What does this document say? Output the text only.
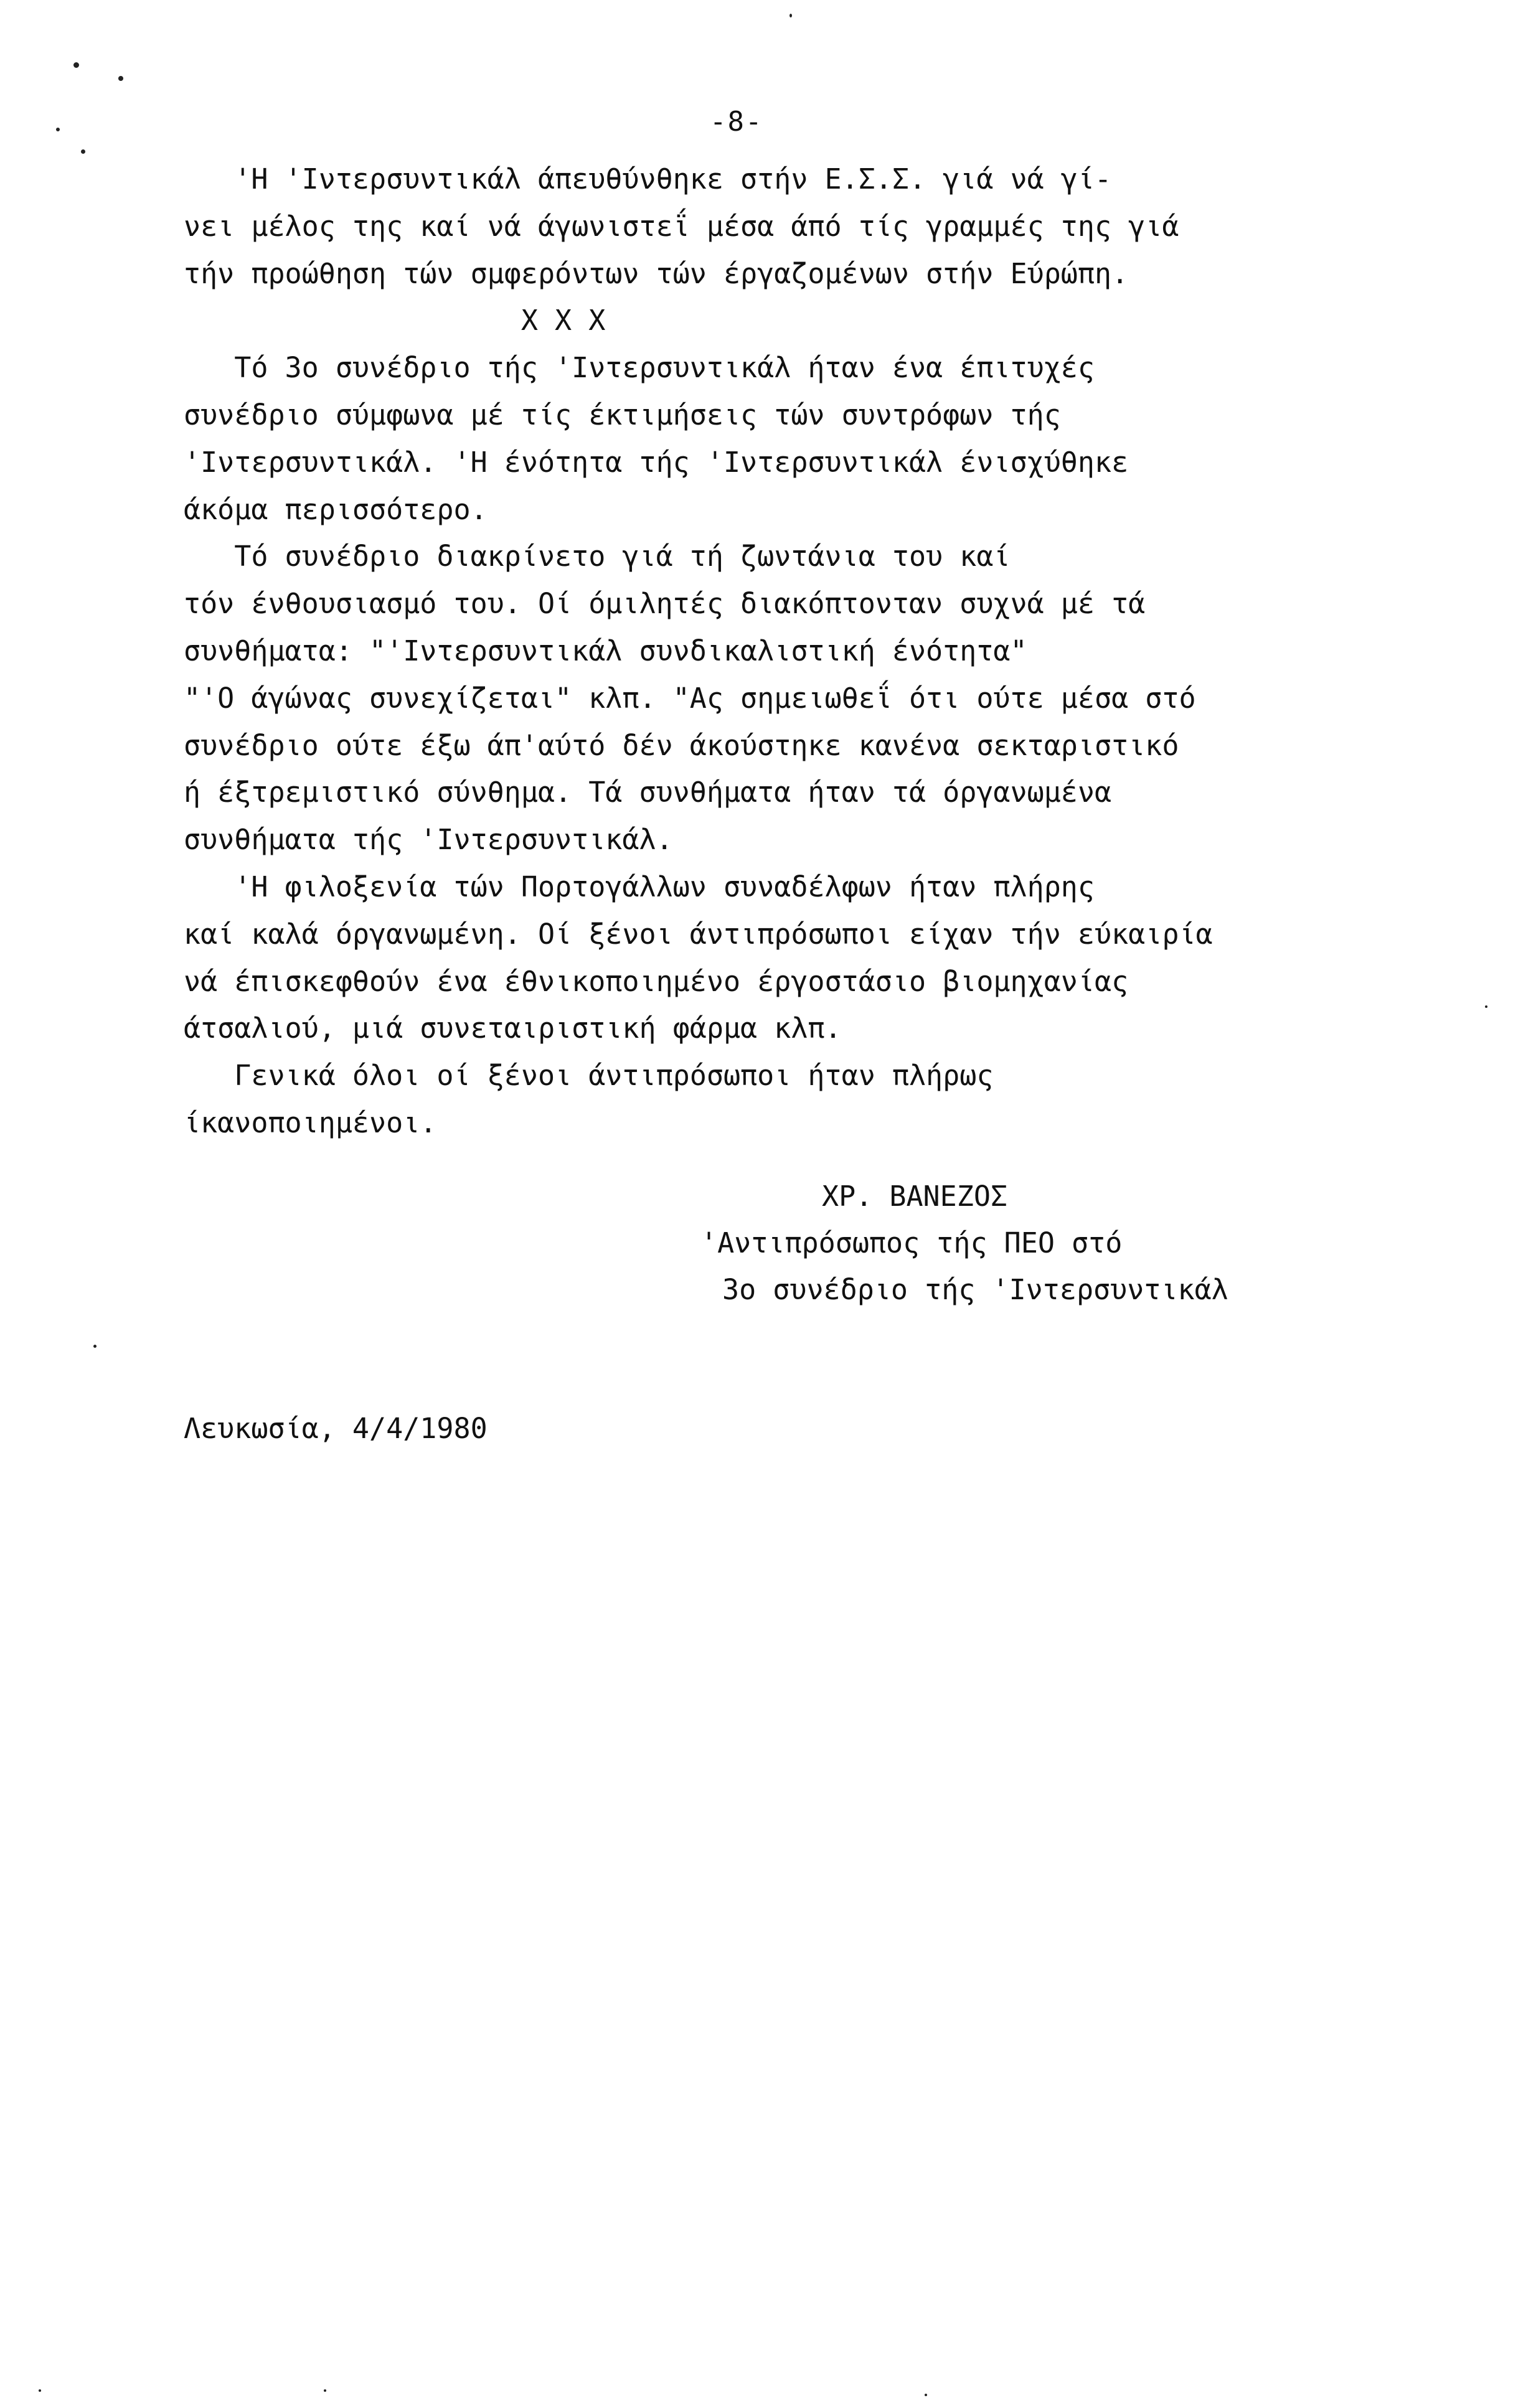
-8-
'Η 'Ιντερσυντικάλ άπευθύνθηκε στήν Ε.Σ.Σ. γιά νά γί-
νει μέλος της καί νά άγωνιστεΐ μέσα άπό τίς γραμμές της γιά
τήν προώθηση τών σμφερόντων τών έργαζομένων στήν Εύρώπη.
Χ Χ Χ
Τό 3ο συνέδριο τής 'Ιντερσυντικάλ ήταν ένα έπιτυχές
συνέδριο σύμφωνα μέ τίς έκτιμήσεις τών συντρόφων τής
'Ιντερσυντικάλ. 'Η ένότητα τής 'Ιντερσυντικάλ ένισχύθηκε
άκόμα περισσότερο.
Τό συνέδριο διακρίνετο γιά τή ζωντάνια του καί
τόν ένθουσιασμό του. Οί όμιλητές διακόπτονταν συχνά μέ τά
συνθήματα: "'Ιντερσυντικάλ συνδικαλιστική ένότητα"
"'Ο άγώνας συνεχίζεται" κλπ. "Ας σημειωθεΐ ότι ούτε μέσα στό
συνέδριο ούτε έξω άπ'αύτό δέν άκούστηκε κανένα σεκταριστικό
ή έξτρεμιστικό σύνθημα. Τά συνθήματα ήταν τά όργανωμένα
συνθήματα τής 'Ιντερσυντικάλ.
'Η φιλοξενία τών Πορτογάλλων συναδέλφων ήταν πλήρης
καί καλά όργανωμένη. Οί ξένοι άντιπρόσωποι είχαν τήν εύκαιρία
νά έπισκεφθούν ένα έθνικοποιημένο έργοστάσιο βιομηχανίας
άτσαλιού, μιά συνεταιριστική φάρμα κλπ.
Γενικά όλοι οί ξένοι άντιπρόσωποι ήταν πλήρως
ίκανοποιημένοι.
ΧΡ. ΒΑΝΕΖΟΣ
'Αντιπρόσωπος τής ΠΕΟ στό
3ο συνέδριο τής 'Ιντερσυντικάλ
Λευκωσία, 4/4/1980
